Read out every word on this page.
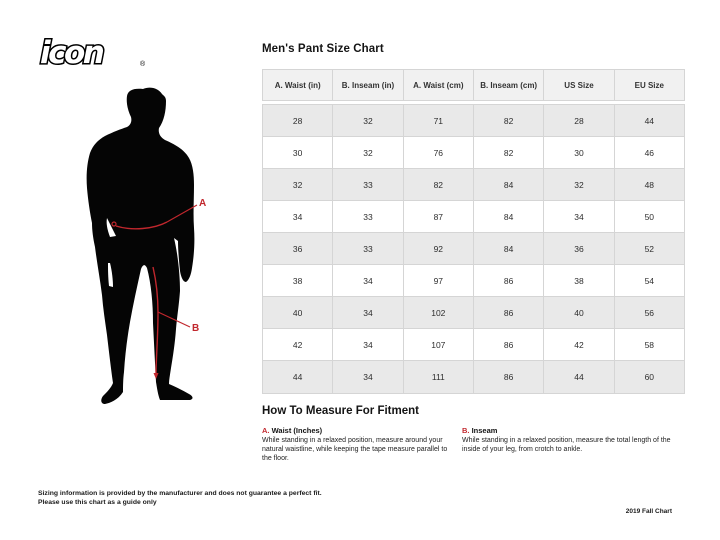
icon	®
A
B
Men's Pant Size Chart
A. Waist (in)	B. Inseam (in)	A. Waist (cm)	B. Inseam (cm)	US Size	EU Size
28	32	71	82	28	44
30	32	76	82	30	46
32	33	82	84	32	48
34	33	87	84	34	50
36	33	92	84	36	52
38	34	97	86	38	54
40	34	102	86	40	56
42	34	107	86	42	58
44	34	111	86	44	60
How To Measure For Fitment
A. Waist (Inches)
While standing in a relaxed position, measure around your natural waistline, while keeping the tape measure parallel to the floor.
B. Inseam
While standing in a relaxed position, measure the total length of the inside of your leg, from crotch to ankle.
Sizing information is provided by the manufacturer and does not guarantee a perfect fit.
Please use this chart as a guide only
2019 Fall Chart
